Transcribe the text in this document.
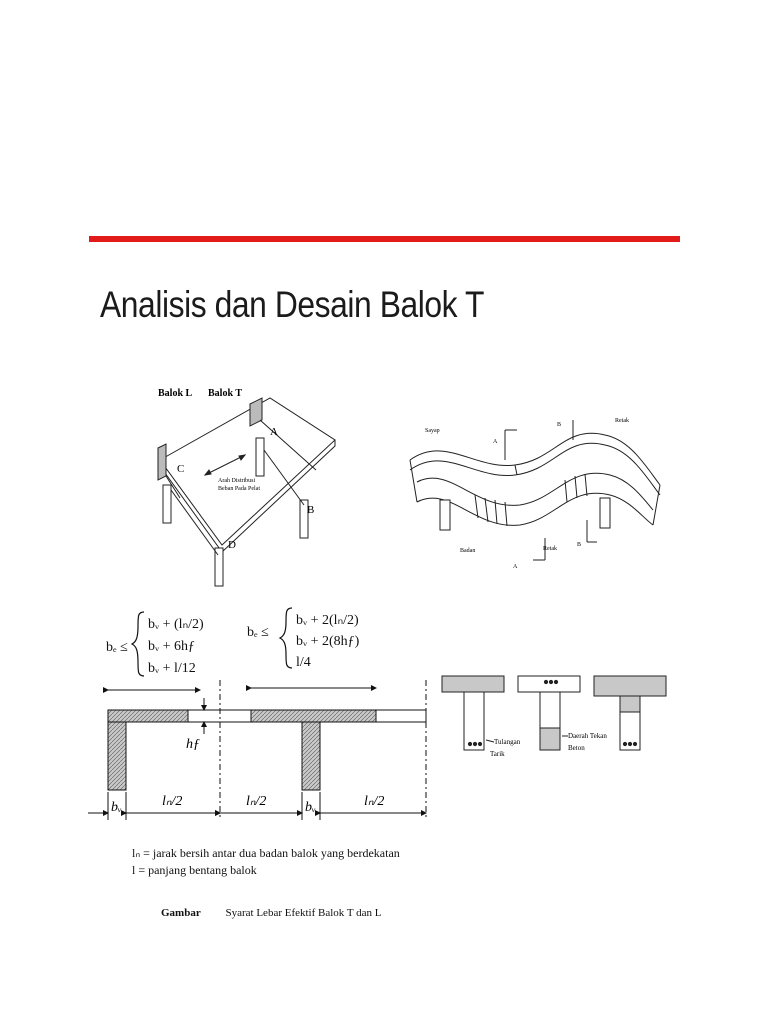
Analisis dan Desain Balok T
Balok L Balok T
A
B
C
D
Arah Distribusi
Beban Pada Pelat
Sayap
Retak
Retak
Badan
A
A
B
B
bₑ ≤
bᵥ + (lₙ/2)
bᵥ + 6hƒ
bᵥ + l/12
bₑ ≤
bᵥ + 2(lₙ/2)
bᵥ + 2(8hƒ)
l/4
hƒ
bᵥ	lₙ/2	lₙ/2	bᵥ	lₙ/2
Tulangan
Tarik
Daerah Tekan
Beton
lₙ = jarak bersih antar dua badan balok yang berdekatan
l = panjang bentang balok
Gambar Syarat Lebar Efektif Balok T dan L
